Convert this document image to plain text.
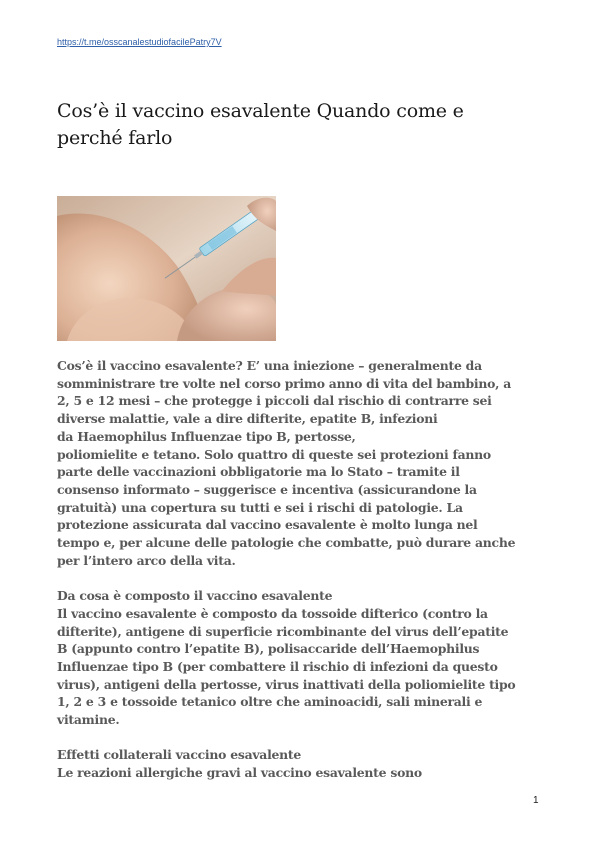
https://t.me/osscanalestudiofacilePatry7V
Cos’è il vaccino esavalente Quando come e
perché farlo
Cos’è il vaccino esavalente? E’ una iniezione – generalmente da
somministrare tre volte nel corso primo anno di vita del bambino, a
2, 5 e 12 mesi – che protegge i piccoli dal rischio di contrarre sei
diverse malattie, vale a dire difterite, epatite B, infezioni
da Haemophilus Influenzae tipo B, pertosse,
poliomielite e tetano. Solo quattro di queste sei protezioni fanno
parte delle vaccinazioni obbligatorie ma lo Stato – tramite il
consenso informato – suggerisce e incentiva (assicurandone la
gratuità) una copertura su tutti e sei i rischi di patologie. La
protezione assicurata dal vaccino esavalente è molto lunga nel
tempo e, per alcune delle patologie che combatte, può durare anche
per l’intero arco della vita.
Da cosa è composto il vaccino esavalente
Il vaccino esavalente è composto da tossoide difterico (contro la
difterite), antigene di superficie ricombinante del virus dell’epatite
B (appunto contro l’epatite B), polisaccaride dell’Haemophilus
Influenzae tipo B (per combattere il rischio di infezioni da questo
virus), antigeni della pertosse, virus inattivati della poliomielite tipo
1, 2 e 3 e tossoide tetanico oltre che aminoacidi, sali minerali e
vitamine.
Effetti collaterali vaccino esavalente
Le reazioni allergiche gravi al vaccino esavalente sono
1
